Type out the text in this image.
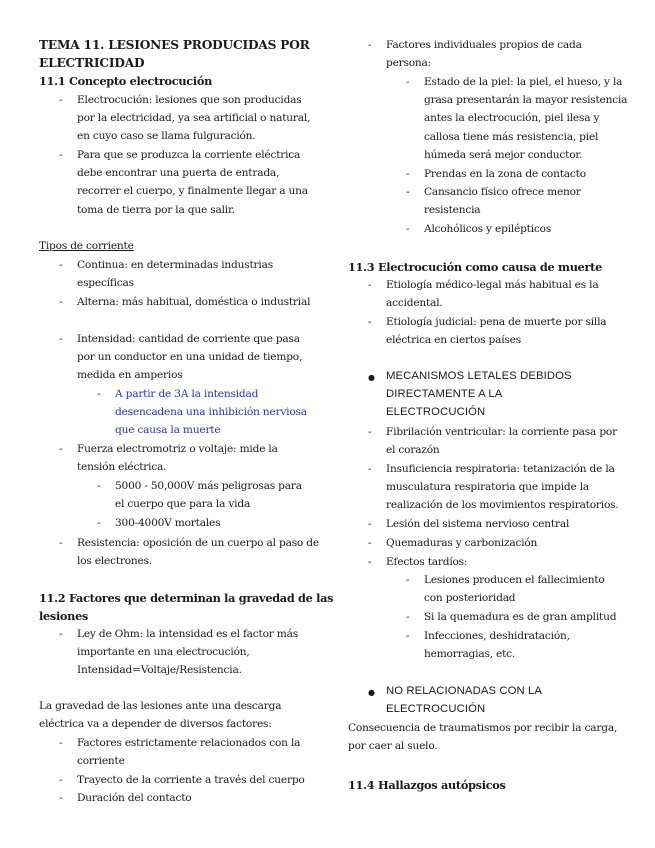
TEMA 11. LESIONES PRODUCIDAS POR
ELECTRICIDAD
11.1 Concepto electrocución
- Electrocución: lesiones que son producidas
por la electricidad, ya sea artificial o natural,
en cuyo caso se llama fulguración.
- Para que se produzca la corriente eléctrica
debe encontrar una puerta de entrada,
recorrer el cuerpo, y finalmente llegar a una
toma de tierra por la que salir.
Tipos de corriente
- Continua: en determinadas industrias
específicas
- Alterna: más habitual, doméstica o industrial
- Intensidad: cantidad de corriente que pasa
por un conductor en una unidad de tiempo,
medida en amperios
- A partir de 3A la intensidad
desencadena una inhibición nerviosa
que causa la muerte
- Fuerza electromotriz o voltaje: mide la
tensión eléctrica.
- 5000 - 50,000V más peligrosas para
el cuerpo que para la vida
- 300-4000V mortales
- Resistencia: oposición de un cuerpo al paso de
los electrones.
11.2 Factores que determinan la gravedad de las
lesiones
- Ley de Ohm: la intensidad es el factor más
importante en una electrocución,
Intensidad=Voltaje/Resistencia.
La gravedad de las lesiones ante una descarga
eléctrica va a depender de diversos factores:
- Factores estrictamente relacionados con la
corriente
- Trayecto de la corriente a través del cuerpo
- Duración del contacto
- Factores individuales propios de cada
persona:
- Estado de la piel: la piel, el hueso, y la
grasa presentarán la mayor resistencia
antes la electrocución, piel ilesa y
callosa tiene más resistencia, piel
húmeda será mejor conductor.
- Prendas en la zona de contacto
- Cansancio físico ofrece menor
resistencia
- Alcohólicos y epilépticos
11.3 Electrocución como causa de muerte
- Etiología médico-legal más habitual es la
accidental.
- Etiología judicial: pena de muerte por silla
eléctrica en ciertos países
● MECANISMOS LETALES DEBIDOS
DIRECTAMENTE A LA
ELECTROCUCIÓN
- Fibrilación ventricular: la corriente pasa por
el corazón
- Insuficiencia respiratoria: tetanización de la
musculatura respiratoria que impide la
realización de los movimientos respiratorios.
- Lesión del sistema nervioso central
- Quemaduras y carbonización
- Efectos tardíos:
- Lesiones producen el fallecimiento
con posterioridad
- Si la quemadura es de gran amplitud
- Infecciones, deshidratación,
hemorragias, etc.
● NO RELACIONADAS CON LA
ELECTROCUCIÓN
Consecuencia de traumatismos por recibir la carga,
por caer al suelo.
11.4 Hallazgos autópsicos
